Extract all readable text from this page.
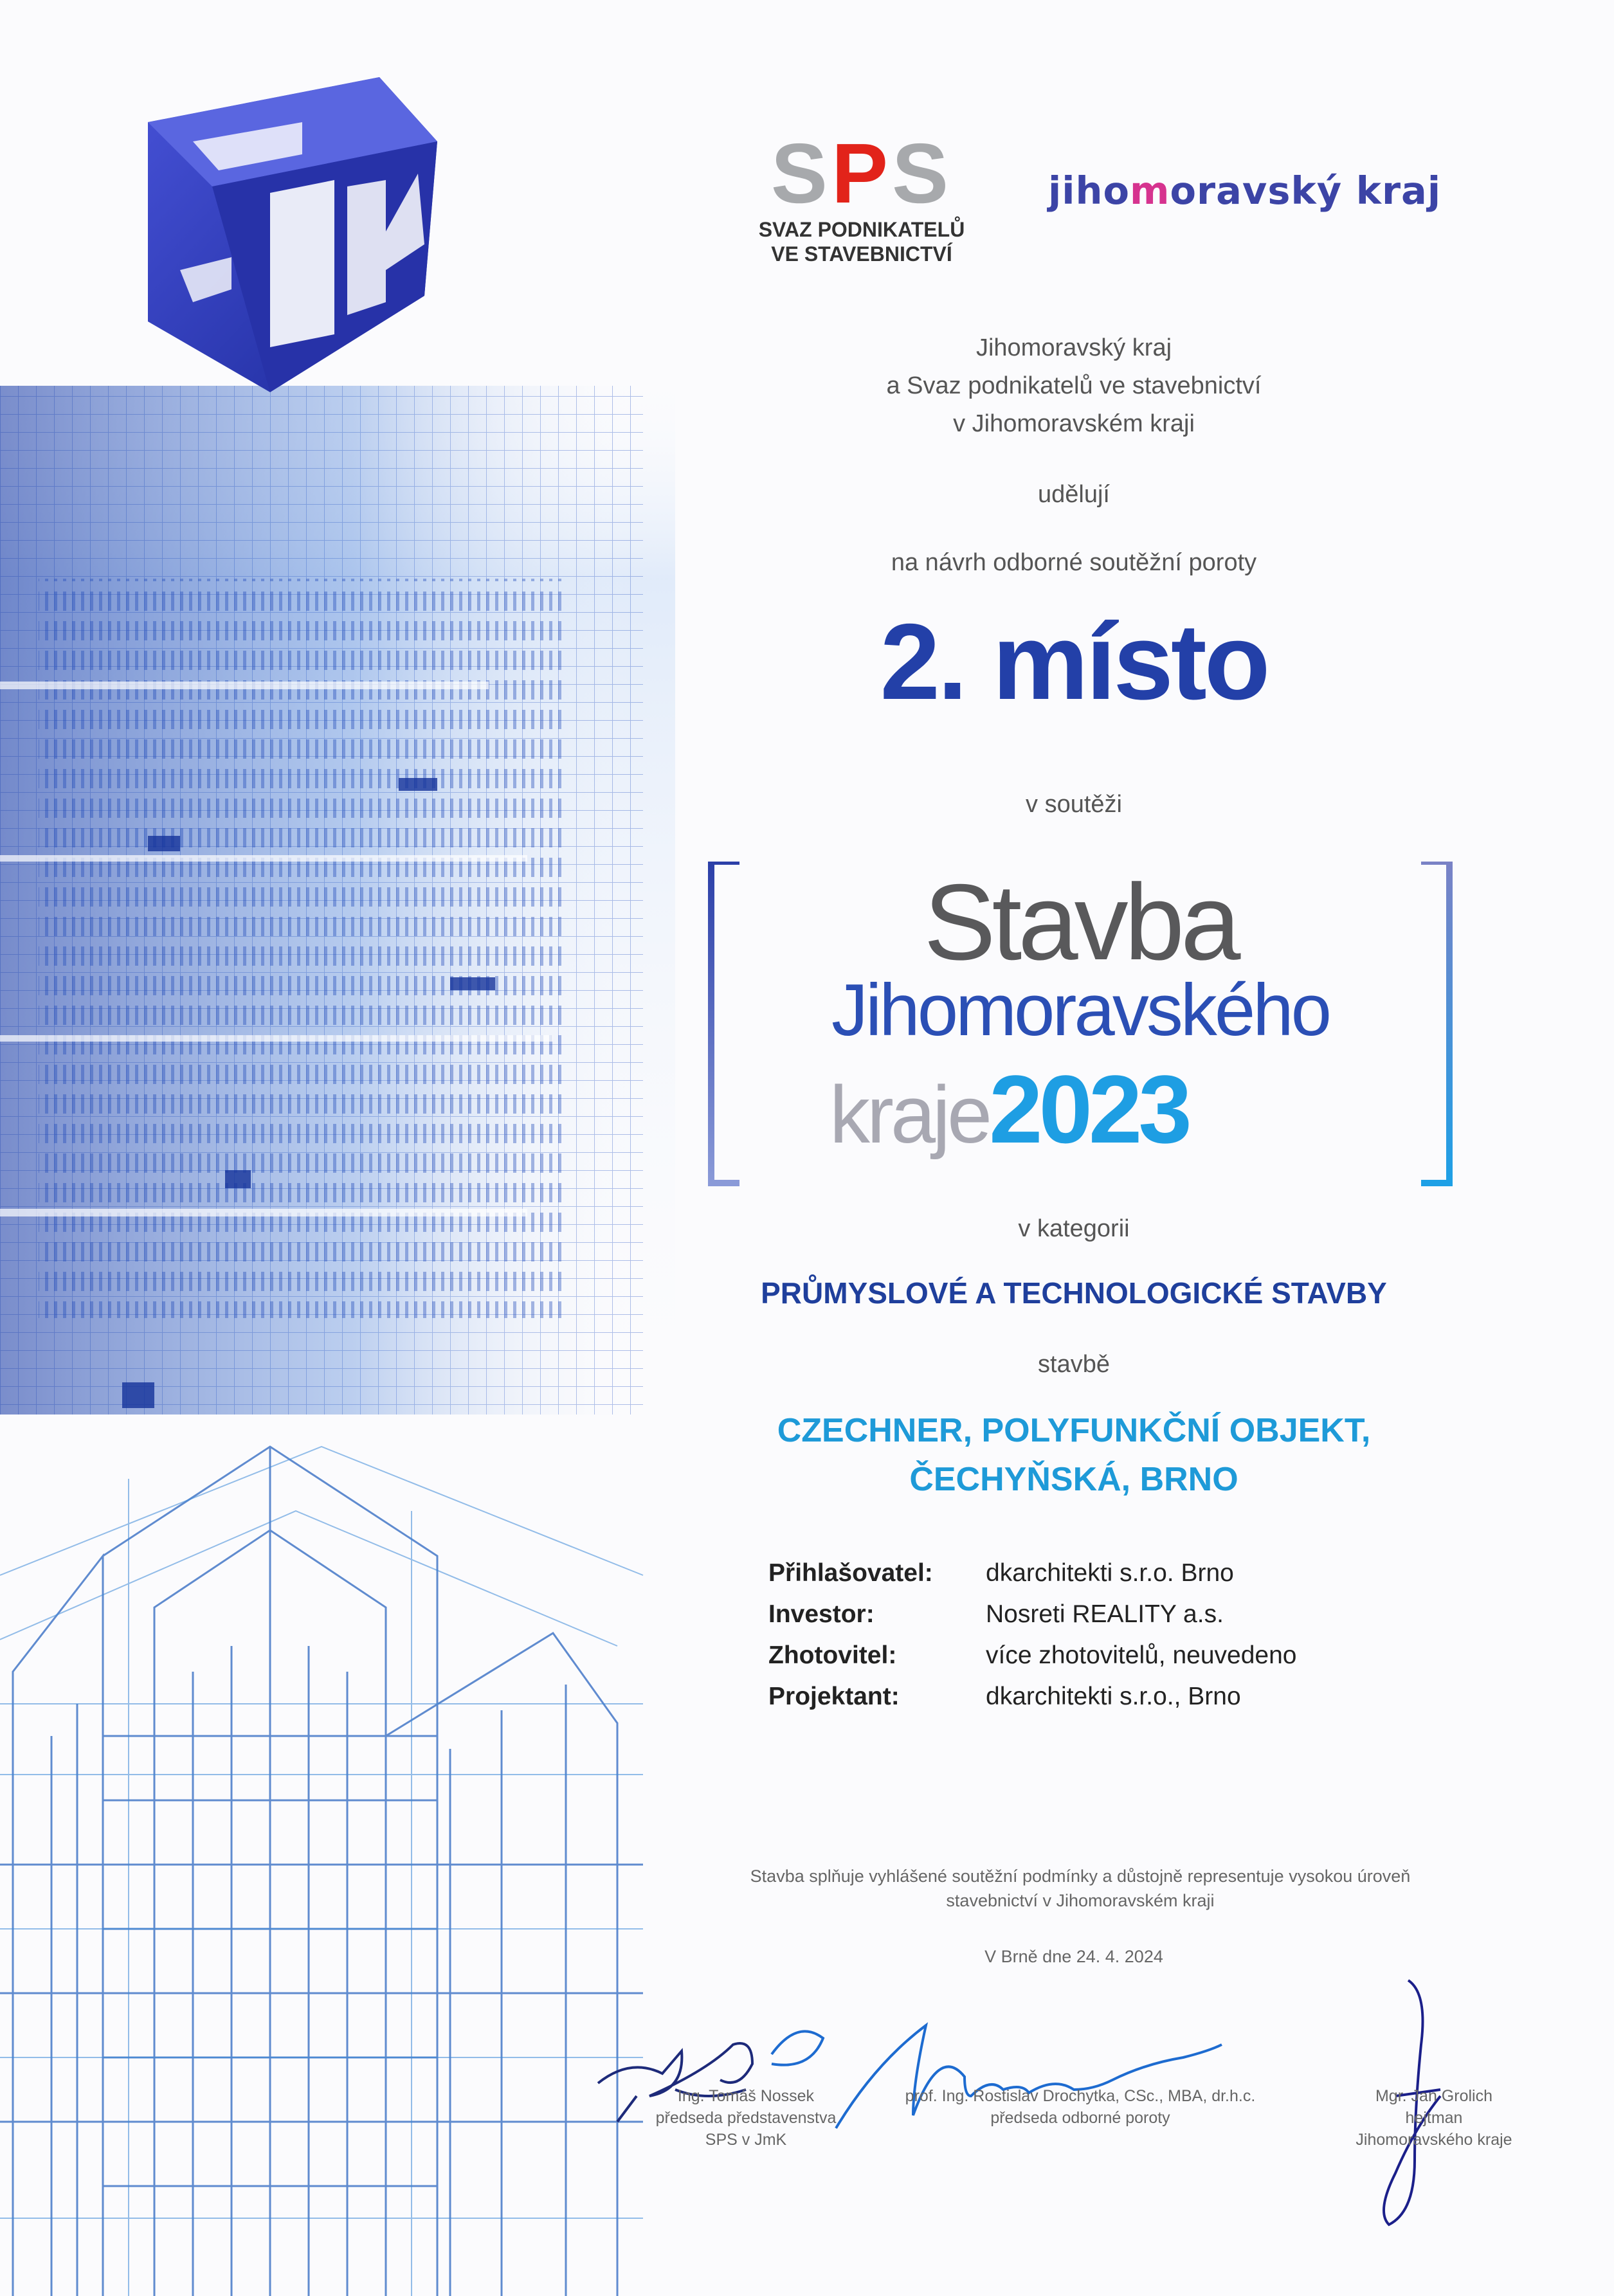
SPS
SVAZ PODNIKATELŮ
VE STAVEBNICTVÍ
jihomoravský kraj
Jihomoravský kraj
a Svaz podnikatelů ve stavebnictví
v Jihomoravském kraji
udělují
na návrh odborné soutěžní poroty
2. místo
v soutěži
Stavba
Jihomoravského
kraje2023
v kategorii
PRŮMYSLOVÉ A TECHNOLOGICKÉ STAVBY
stavbě
CZECHNER, POLYFUNKČNÍ OBJEKT,
ČECHYŇSKÁ, BRNO
Přihlašovatel:	dkarchitekti s.r.o. Brno
Investor:	Nosreti REALITY a.s.
Zhotovitel:	více zhotovitelů, neuvedeno
Projektant:	dkarchitekti s.r.o., Brno
Stavba splňuje vyhlášené soutěžní podmínky a důstojně representuje vysokou úroveň
stavebnictví v Jihomoravském kraji
V Brně dne 24. 4. 2024
Ing. Tomáš Nossek
předseda představenstva
SPS v JmK
prof. Ing. Rostislav Drochytka, CSc., MBA, dr.h.c.
předseda odborné poroty
Mgr. Jan Grolich
hejtman
Jihomoravského kraje
